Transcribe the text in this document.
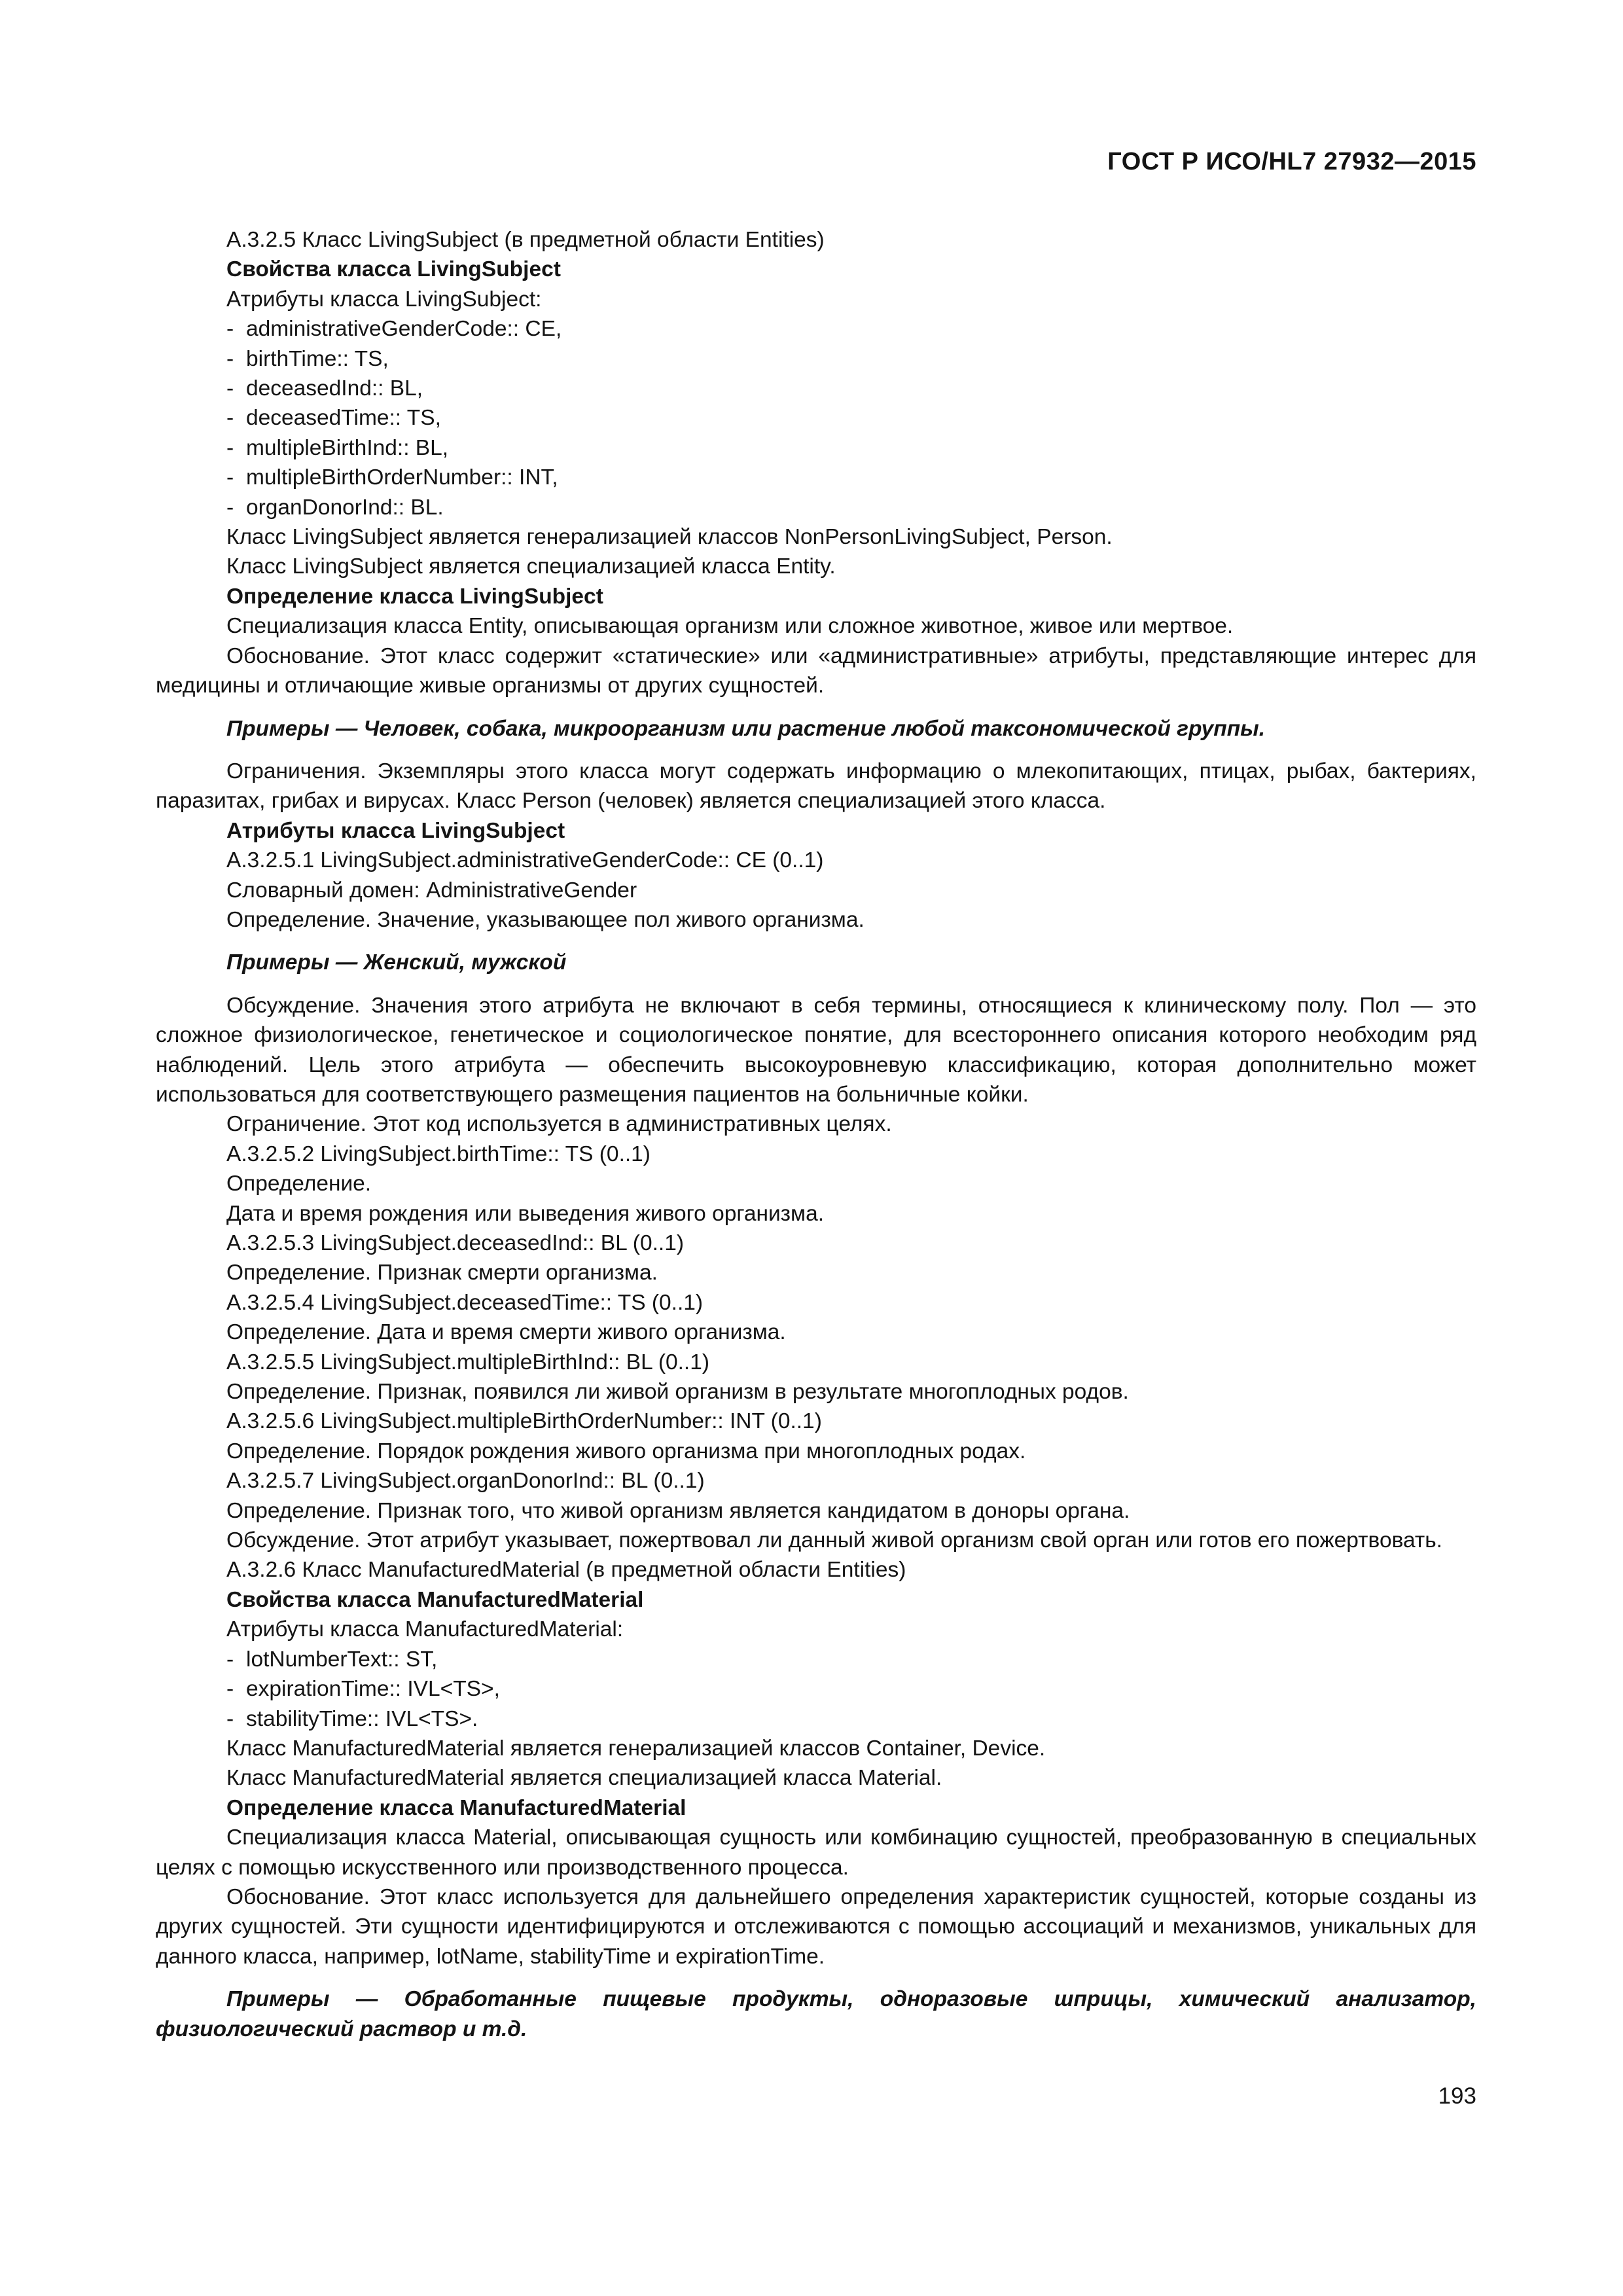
ГОСТ Р ИСО/HL7 27932—2015

А.3.2.5 Класс LivingSubject (в предметной области Entities)

Свойства класса LivingSubject

Атрибуты класса LivingSubject:

- administrativeGenderCode:: CE,
- birthTime:: TS,
- deceasedInd:: BL,
- deceasedTime:: TS,
- multipleBirthInd:: BL,
- multipleBirthOrderNumber:: INT,
- organDonorInd:: BL.

Класс LivingSubject является генерализацией классов NonPersonLivingSubject, Person.

Класс LivingSubject является специализацией класса Entity.

Определение класса LivingSubject

Специализация класса Entity, описывающая организм или сложное животное, живое или мертвое.

Обоснование. Этот класс содержит «статические» или «административные» атрибуты, представляющие интерес для медицины и отличающие живые организмы от других сущностей.

Примеры — Человек, собака, микроорганизм или растение любой таксономической группы.

Ограничения. Экземпляры этого класса могут содержать информацию о млекопитающих, птицах, рыбах, бактериях, паразитах, грибах и вирусах. Класс Person (человек) является специализацией этого класса.

Атрибуты класса LivingSubject

А.3.2.5.1 LivingSubject.administrativeGenderCode:: CE (0..1)

Словарный домен: AdministrativeGender

Определение. Значение, указывающее пол живого организма.

Примеры — Женский, мужской

Обсуждение. Значения этого атрибута не включают в себя термины, относящиеся к клиническому полу. Пол — это сложное физиологическое, генетическое и социологическое понятие, для всестороннего описания которого необходим ряд наблюдений. Цель этого атрибута — обеспечить высокоуровневую классификацию, которая дополнительно может использоваться для соответствующего размещения пациентов на больничные койки.

Ограничение. Этот код используется в административных целях.

А.3.2.5.2 LivingSubject.birthTime:: TS (0..1)

Определение.

Дата и время рождения или выведения живого организма.

А.3.2.5.3 LivingSubject.deceasedInd:: BL (0..1)

Определение. Признак смерти организма.

А.3.2.5.4 LivingSubject.deceasedTime:: TS (0..1)

Определение. Дата и время смерти живого организма.

А.3.2.5.5 LivingSubject.multipleBirthInd:: BL (0..1)

Определение. Признак, появился ли живой организм в результате многоплодных родов.

А.3.2.5.6 LivingSubject.multipleBirthOrderNumber:: INT (0..1)

Определение. Порядок рождения живого организма при многоплодных родах.

А.3.2.5.7 LivingSubject.organDonorInd:: BL (0..1)

Определение. Признак того, что живой организм является кандидатом в доноры органа.

Обсуждение. Этот атрибут указывает, пожертвовал ли данный живой организм свой орган или готов его пожертвовать.

А.3.2.6 Класс ManufacturedMaterial (в предметной области Entities)

Свойства класса ManufacturedMaterial

Атрибуты класса ManufacturedMaterial:

- lotNumberText:: ST,
- expirationTime:: IVL<TS>,
- stabilityTime:: IVL<TS>.

Класс ManufacturedMaterial является генерализацией классов Container, Device.

Класс ManufacturedMaterial является специализацией класса Material.

Определение класса ManufacturedMaterial

Специализация класса Material, описывающая сущность или комбинацию сущностей, преобразованную в специальных целях с помощью искусственного или производственного процесса.

Обоснование. Этот класс используется для дальнейшего определения характеристик сущностей, которые созданы из других сущностей. Эти сущности идентифицируются и отслеживаются с помощью ассоциаций и механизмов, уникальных для данного класса, например, lotName, stabilityTime и expirationTime.

Примеры — Обработанные пищевые продукты, одноразовые шприцы, химический анализатор, физиологический раствор и т.д.

193
